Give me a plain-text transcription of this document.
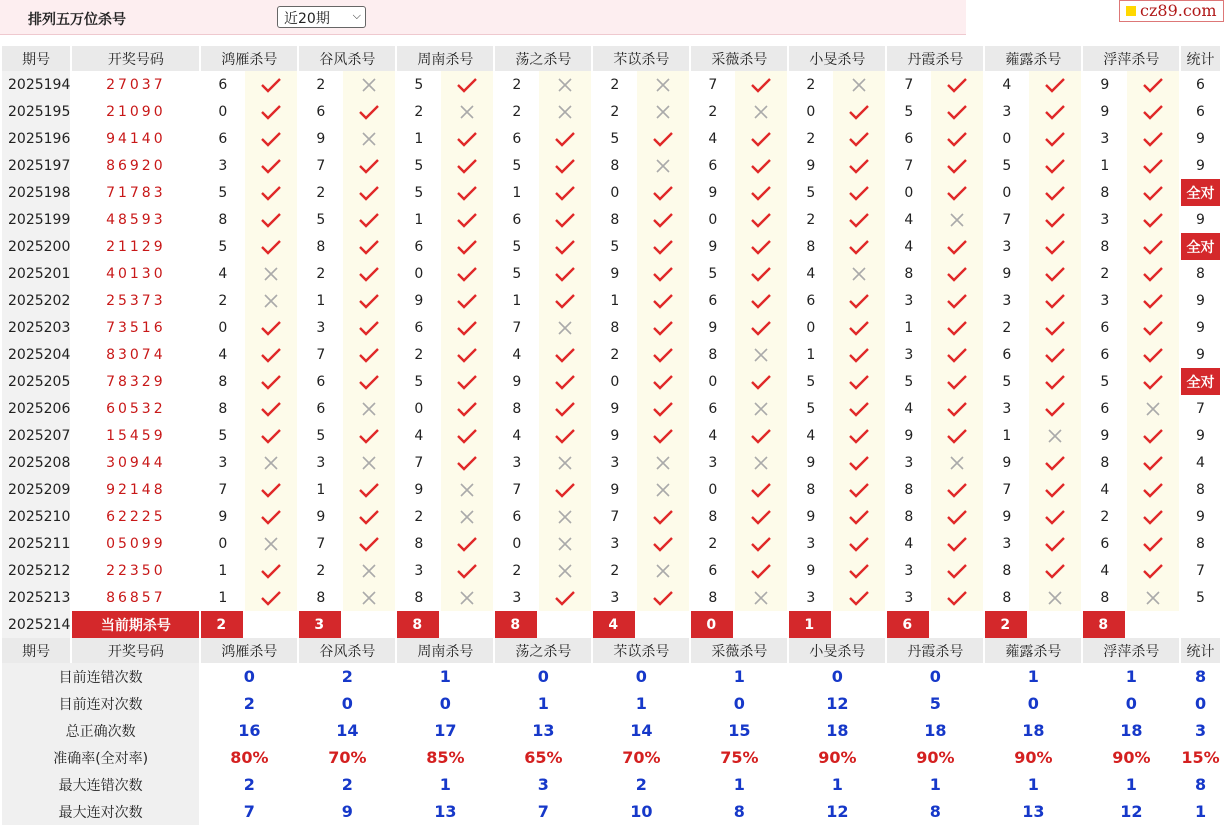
排列五万位杀号	近20期 ⌵	cz89.com
期号	开奖号码	鸿雁杀号		谷风杀号		周南杀号		荡之杀号		芣苡杀号		采薇杀号		小旻杀号		丹霞杀号		蕹露杀号		浮萍杀号		统计
2025194	27037	6		2		5		2		2		7		2		7		4		9		6
2025195	21090	0		6		2		2		2		2		0		5		3		9		6
2025196	94140	6		9		1		6		5		4		2		6		0		3		9
2025197	86920	3		7		5		5		8		6		9		7		5		1		9
2025198	71783	5		2		5		1		0		9		5		0		0		8		全对
2025199	48593	8		5		1		6		8		0		2		4		7		3		9
2025200	21129	5		8		6		5		5		9		8		4		3		8		全对
2025201	40130	4		2		0		5		9		5		4		8		9		2		8
2025202	25373	2		1		9		1		1		6		6		3		3		3		9
2025203	73516	0		3		6		7		8		9		0		1		2		6		9
2025204	83074	4		7		2		4		2		8		1		3		6		6		9
2025205	78329	8		6		5		9		0		0		5		5		5		5		全对
2025206	60532	8		6		0		8		9		6		5		4		3		6		7
2025207	15459	5		5		4		4		9		4		4		9		1		9		9
2025208	30944	3		3		7		3		3		3		9		3		9		8		4
2025209	92148	7		1		9		7		9		0		8		8		7		4		8
2025210	62225	9		9		2		6		7		8		9		8		9		2		9
2025211	05099	0		7		8		0		3		2		3		4		3		6		8
2025212	22350	1		2		3		2		2		6		9		3		8		4		7
2025213	86857	1		8		8		3		3		8		3		3		8		8		5
2025214	当前期杀号	2		3		8		8		4		0		1		6		2		8		
期号	开奖号码	鸿雁杀号		谷风杀号		周南杀号		荡之杀号		芣苡杀号		采薇杀号		小旻杀号		丹霞杀号		蕹露杀号		浮萍杀号		统计
目前连错次数		0		2		1		0		0		1		0		0		1		1		8
目前连对次数		2		0		0		1		1		0		12		5		0		0		0
总正确次数		16		14		17		13		14		15		18		18		18		18		3
准确率(全对率)		80%		70%		85%		65%		70%		75%		90%		90%		90%		90%		15%
最大连错次数		2		2		1		3		2		1		1		1		1		1		8
最大连对次数		7		9		13		7		10		8		12		8		13		12		1
